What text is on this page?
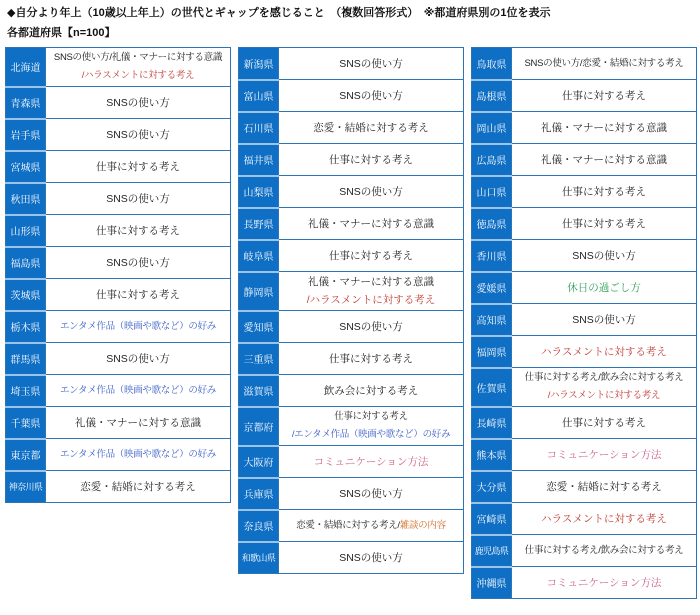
◆自分より年上（10歳以上年上）の世代とギャップを感じること　（複数回答形式）　※都道府県別の1位を表示
各都道府県【n=100】
北海道	SNSの使い方/礼儀・マナーに対する意識
/ハラスメントに対する考え

青森県	SNSの使い方

岩手県	SNSの使い方

宮城県	仕事に対する考え

秋田県	SNSの使い方

山形県	仕事に対する考え

福島県	SNSの使い方

茨城県	仕事に対する考え

栃木県	エンタメ作品（映画や歌など）の好み

群馬県	SNSの使い方

埼玉県	エンタメ作品（映画や歌など）の好み

千葉県	礼儀・マナーに対する意識

東京都	エンタメ作品（映画や歌など）の好み

神奈川県	恋愛・結婚に対する考え
新潟県	SNSの使い方

富山県	SNSの使い方

石川県	恋愛・結婚に対する考え

福井県	仕事に対する考え

山梨県	SNSの使い方

長野県	礼儀・マナーに対する意識

岐阜県	仕事に対する考え

静岡県	礼儀・マナーに対する意識
/ハラスメントに対する考え

愛知県	SNSの使い方

三重県	仕事に対する考え

滋賀県	飲み会に対する考え

京都府	仕事に対する考え
/エンタメ作品（映画や歌など）の好み

大阪府	コミュニケーション方法

兵庫県	SNSの使い方

奈良県	恋愛・結婚に対する考え/雑談の内容

和歌山県	SNSの使い方
鳥取県	SNSの使い方/恋愛・結婚に対する考え

島根県	仕事に対する考え

岡山県	礼儀・マナーに対する意識

広島県	礼儀・マナーに対する意識

山口県	仕事に対する考え

徳島県	仕事に対する考え

香川県	SNSの使い方

愛媛県	休日の過ごし方

高知県	SNSの使い方

福岡県	ハラスメントに対する考え

佐賀県	仕事に対する考え/飲み会に対する考え
/ハラスメントに対する考え

長崎県	仕事に対する考え

熊本県	コミュニケーション方法

大分県	恋愛・結婚に対する考え

宮崎県	ハラスメントに対する考え

鹿児島県	仕事に対する考え/飲み会に対する考え

沖縄県	コミュニケーション方法
